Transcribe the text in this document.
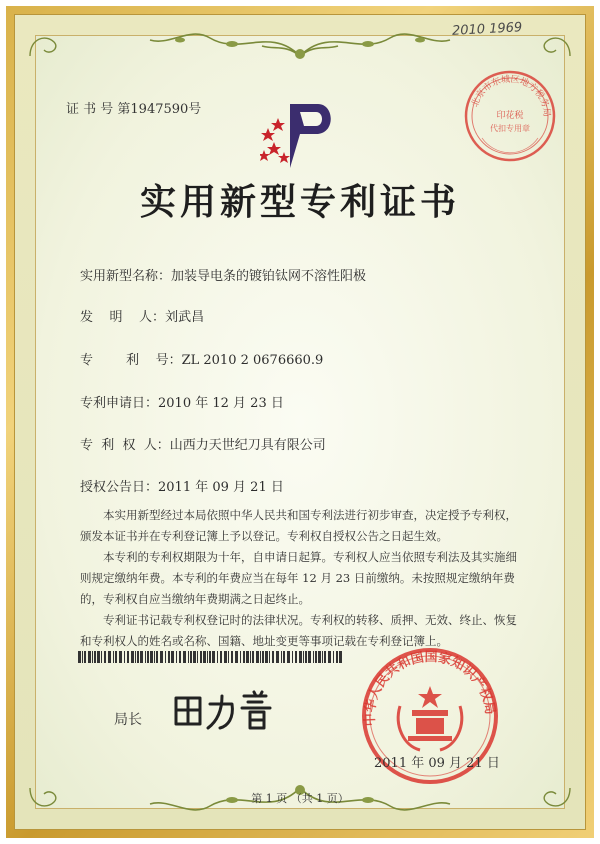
2010 1969
证 书 号 第1947590号	北京市东城区地方税务局
印花税
代扣专用章
实用新型专利证书
实用新型名称：加装导电条的镀铂钛网不溶性阳极
发    明    人：刘武昌
专        利    号：ZL 2010 2 0676660.9
专利申请日：2010 年 12 月 23 日
专  利  权  人：山西力天世纪刀具有限公司
授权公告日：2011 年 09 月 21 日

本实用新型经过本局依照中华人民共和国专利法进行初步审查，决定授予专利权，颁发本证书并在专利登记簿上予以登记。专利权自授权公告之日起生效。

本专利的专利权期限为十年，自申请日起算。专利权人应当依照专利法及其实施细则规定缴纳年费。本专利的年费应当在每年 12 月 23 日前缴纳。未按照规定缴纳年费的，专利权自应当缴纳年费期满之日起终止。

专利证书记载专利权登记时的法律状况。专利权的转移、质押、无效、终止、恢复和专利权人的姓名或名称、国籍、地址变更等事项记载在专利登记簿上。

局长	中华人民共和国国家知识产权局
2011 年 09 月 21 日
第 1 页 （共 1 页）
